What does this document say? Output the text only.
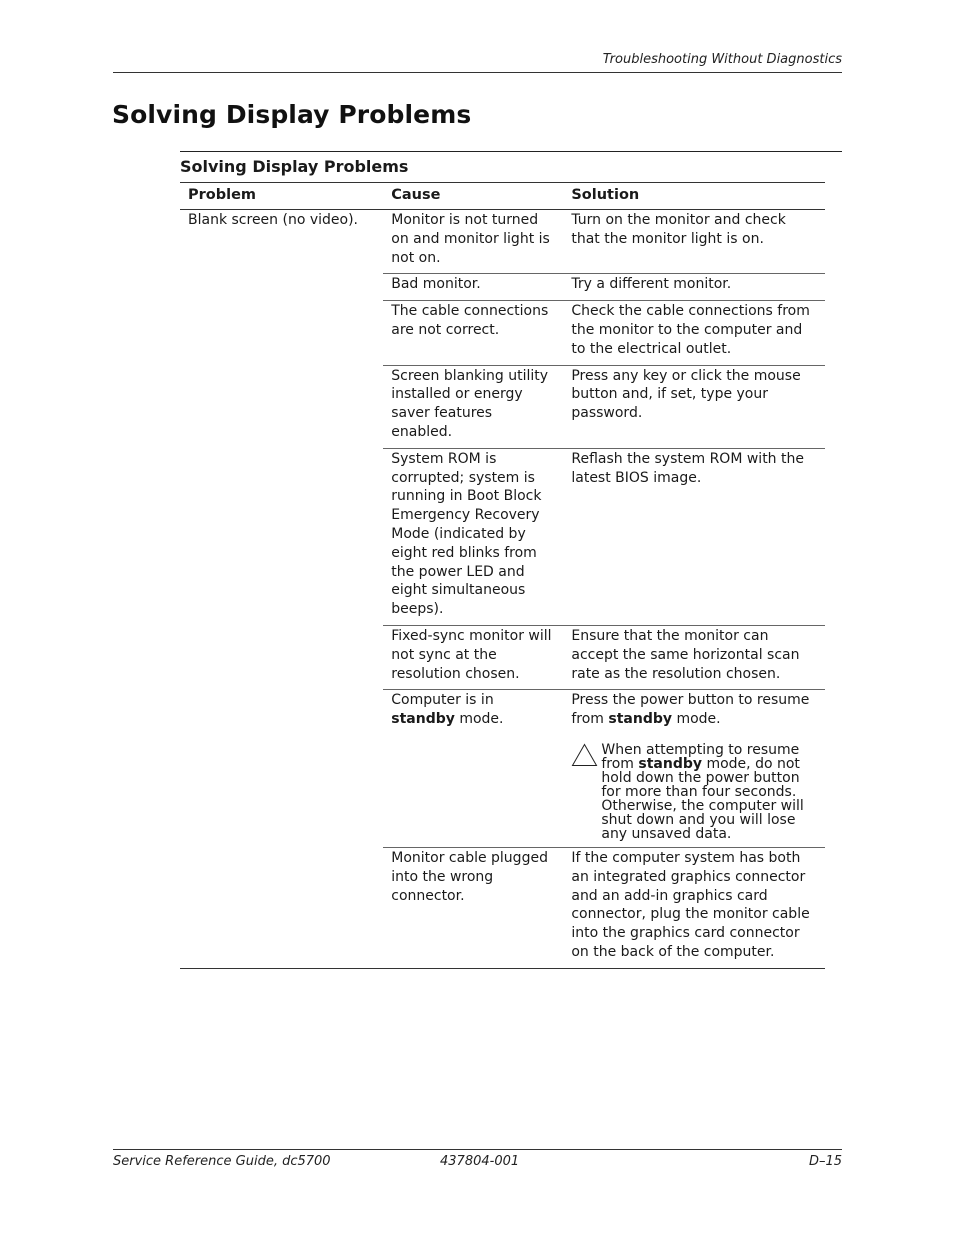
Troubleshooting Without Diagnostics
Solving Display Problems
Solving Display Problems
Problem	Cause	Solution
Blank screen (no video).	Monitor is not turned on and monitor light is not on.	Turn on the monitor and check that the monitor light is on.
	Bad monitor.	Try a different monitor.
	The cable connections are not correct.	Check the cable connections from the monitor to the computer and to the electrical outlet.
	Screen blanking utility installed or energy saver features enabled.	Press any key or click the mouse button and, if set, type your password.
	System ROM is corrupted; system is running in Boot Block Emergency Recovery Mode (indicated by eight red blinks from the power LED and eight simultaneous beeps).	Reflash the system ROM with the latest BIOS image.
	Fixed-sync monitor will not sync at the resolution chosen.	Ensure that the monitor can accept the same horizontal scan rate as the resolution chosen.
	Computer is in standby mode.	Press the power button to resume from standby mode.
When attempting to resume from standby mode, do not hold down the power button for more than four seconds. Otherwise, the computer will shut down and you will lose any unsaved data.

	Monitor cable plugged into the wrong connector.	If the computer system has both an integrated graphics connector and an add-in graphics card connector, plug the monitor cable into the graphics card connector on the back of the computer.
Service Reference Guide, dc5700	437804-001	D–15
